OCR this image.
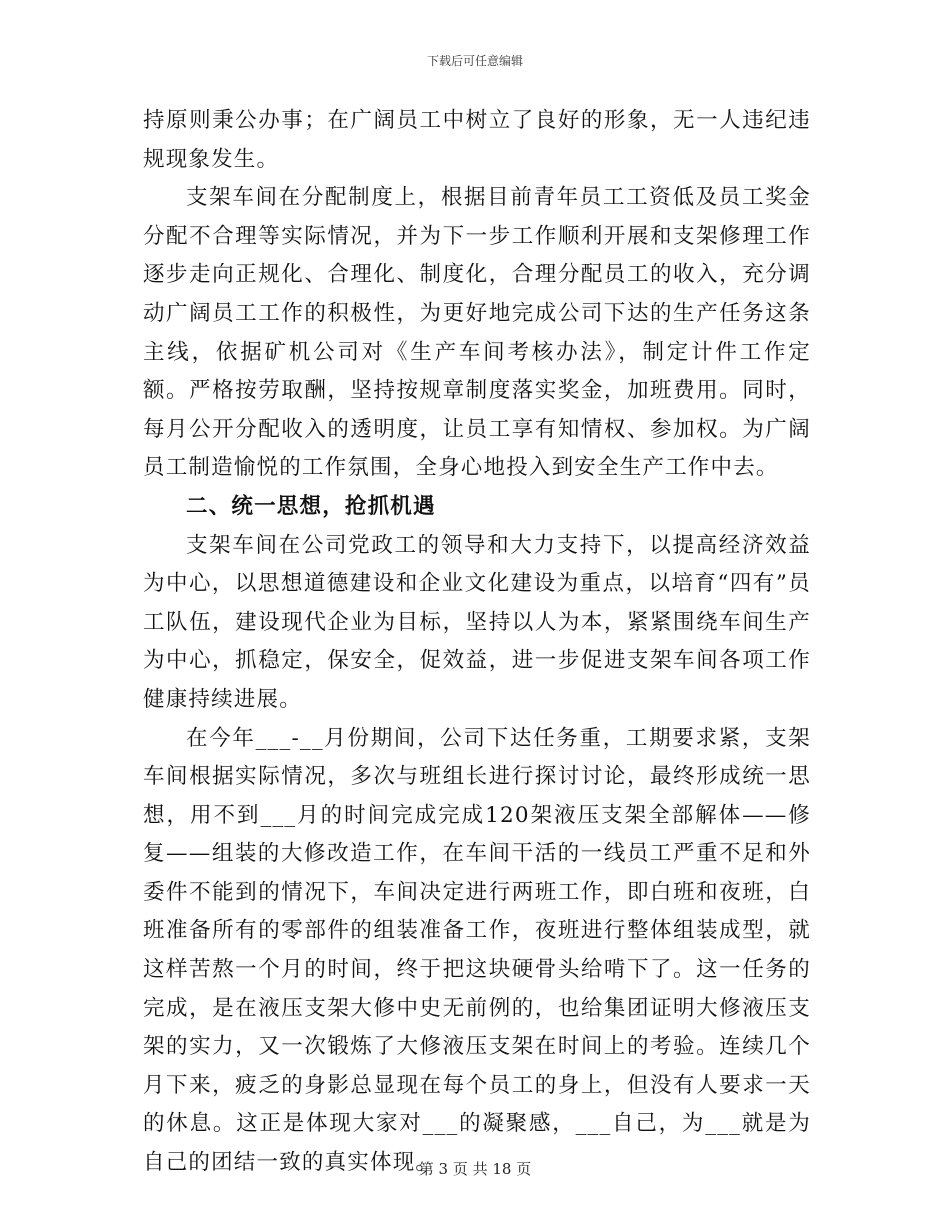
下载后可任意编辑

持原则秉公办事；在广阔员工中树立了良好的形象，无一人违纪违规现象发生。

支架车间在分配制度上，根据目前青年员工工资低及员工奖金分配不合理等实际情况，并为下一步工作顺利开展和支架修理工作逐步走向正规化、合理化、制度化，合理分配员工的收入，充分调动广阔员工工作的积极性，为更好地完成公司下达的生产任务这条主线，依据矿机公司对《生产车间考核办法》，制定计件工作定额。严格按劳取酬，坚持按规章制度落实奖金，加班费用。同时，每月公开分配收入的透明度，让员工享有知情权、参加权。为广阔员工制造愉悦的工作氛围，全身心地投入到安全生产工作中去。

二、统一思想，抢抓机遇

支架车间在公司党政工的领导和大力支持下，以提高经济效益为中心，以思想道德建设和企业文化建设为重点，以培育“四有”员工队伍，建设现代企业为目标，坚持以人为本，紧紧围绕车间生产为中心，抓稳定，保安全，促效益，进一步促进支架车间各项工作健康持续进展。

在今年___-__月份期间，公司下达任务重，工期要求紧，支架车间根据实际情况，多次与班组长进行探讨讨论，最终形成统一思想，用不到___月的时间完成完成120架液压支架全部解体——修复——组装的大修改造工作，在车间干活的一线员工严重不足和外委件不能到的情况下，车间决定进行两班工作，即白班和夜班，白班准备所有的零部件的组装准备工作，夜班进行整体组装成型，就这样苦熬一个月的时间，终于把这块硬骨头给啃下了。这一任务的完成，是在液压支架大修中史无前例的，也给集团证明大修液压支架的实力，又一次锻炼了大修液压支架在时间上的考验。连续几个月下来，疲乏的身影总显现在每个员工的身上，但没有人要求一天的休息。这正是体现大家对___的凝聚感，___自己，为___就是为自己的团结一致的真实体现。

第 3 页 共 18 页
